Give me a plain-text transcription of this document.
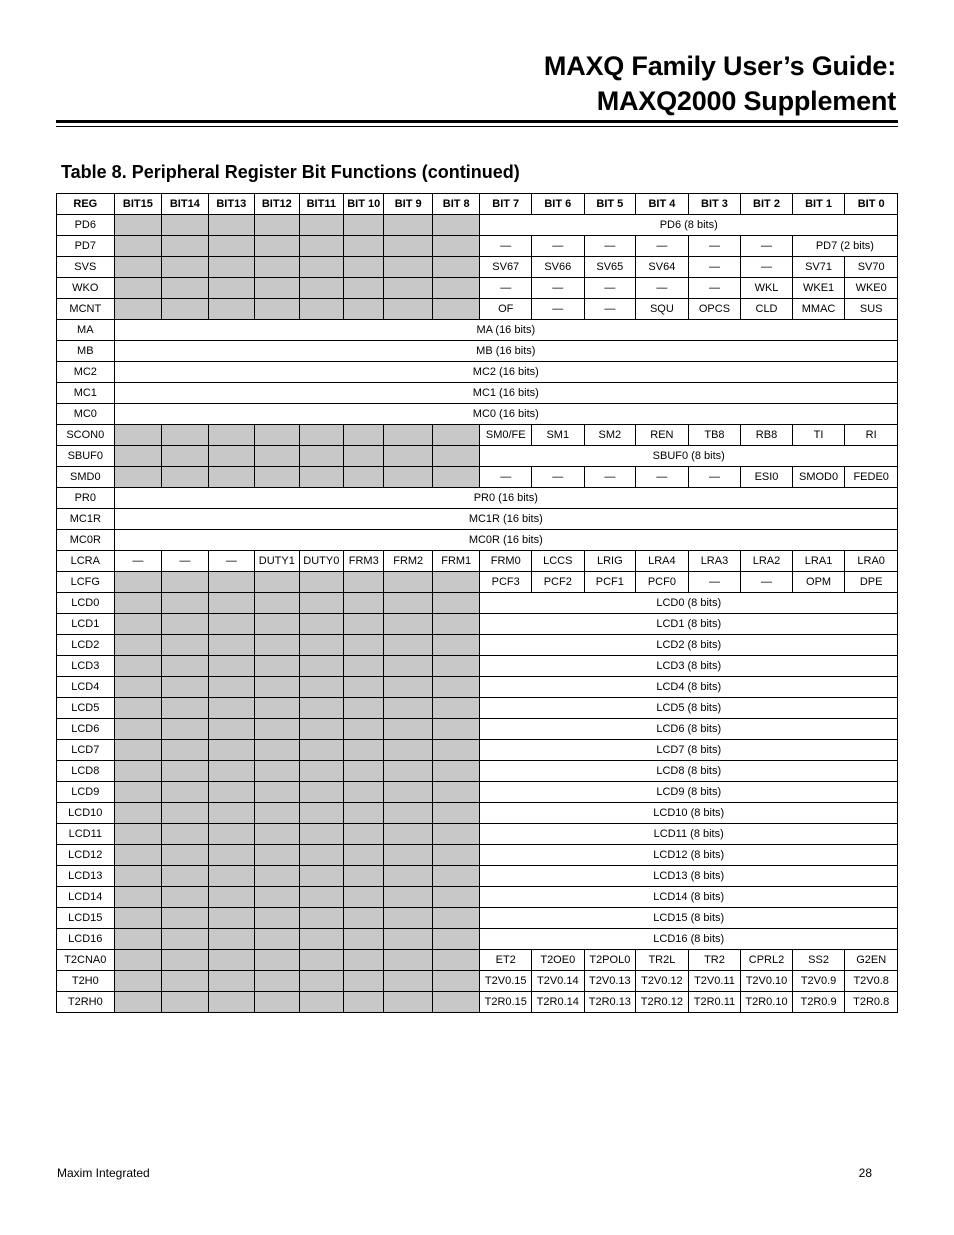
MAXQ Family User’s Guide:
MAXQ2000 Supplement
Table 8. Peripheral Register Bit Functions (continued)
REG	BIT15	BIT14	BIT13	BIT12	BIT11	BIT 10	BIT 9	BIT 8	BIT 7	BIT 6	BIT 5	BIT 4	BIT 3	BIT 2	BIT 1	BIT 0
PD6									PD6 (8 bits)							
PD7									—	—	—	—	—	—	PD7 (2 bits)	
SVS									SV67	SV66	SV65	SV64	—	—	SV71	SV70
WKO									—	—	—	—	—	WKL	WKE1	WKE0
MCNT									OF	—	—	SQU	OPCS	CLD	MMAC	SUS
MA	MA (16 bits)															
MB	MB (16 bits)															
MC2	MC2 (16 bits)															
MC1	MC1 (16 bits)															
MC0	MC0 (16 bits)															
SCON0									SM0/FE	SM1	SM2	REN	TB8	RB8	TI	RI
SBUF0									SBUF0 (8 bits)							
SMD0									—	—	—	—	—	ESI0	SMOD0	FEDE0
PR0	PR0 (16 bits)															
MC1R	MC1R (16 bits)															
MC0R	MC0R (16 bits)															
LCRA	—	—	—	DUTY1	DUTY0	FRM3	FRM2	FRM1	FRM0	LCCS	LRIG	LRA4	LRA3	LRA2	LRA1	LRA0
LCFG									PCF3	PCF2	PCF1	PCF0	—	—	OPM	DPE
LCD0									LCD0 (8 bits)							
LCD1									LCD1 (8 bits)							
LCD2									LCD2 (8 bits)							
LCD3									LCD3 (8 bits)							
LCD4									LCD4 (8 bits)							
LCD5									LCD5 (8 bits)							
LCD6									LCD6 (8 bits)							
LCD7									LCD7 (8 bits)							
LCD8									LCD8 (8 bits)							
LCD9									LCD9 (8 bits)							
LCD10									LCD10 (8 bits)							
LCD11									LCD11 (8 bits)							
LCD12									LCD12 (8 bits)							
LCD13									LCD13 (8 bits)							
LCD14									LCD14 (8 bits)							
LCD15									LCD15 (8 bits)							
LCD16									LCD16 (8 bits)							
T2CNA0									ET2	T2OE0	T2POL0	TR2L	TR2	CPRL2	SS2	G2EN
T2H0									T2V0.15	T2V0.14	T2V0.13	T2V0.12	T2V0.11	T2V0.10	T2V0.9	T2V0.8
T2RH0									T2R0.15	T2R0.14	T2R0.13	T2R0.12	T2R0.11	T2R0.10	T2R0.9	T2R0.8
Maxim Integrated	28
